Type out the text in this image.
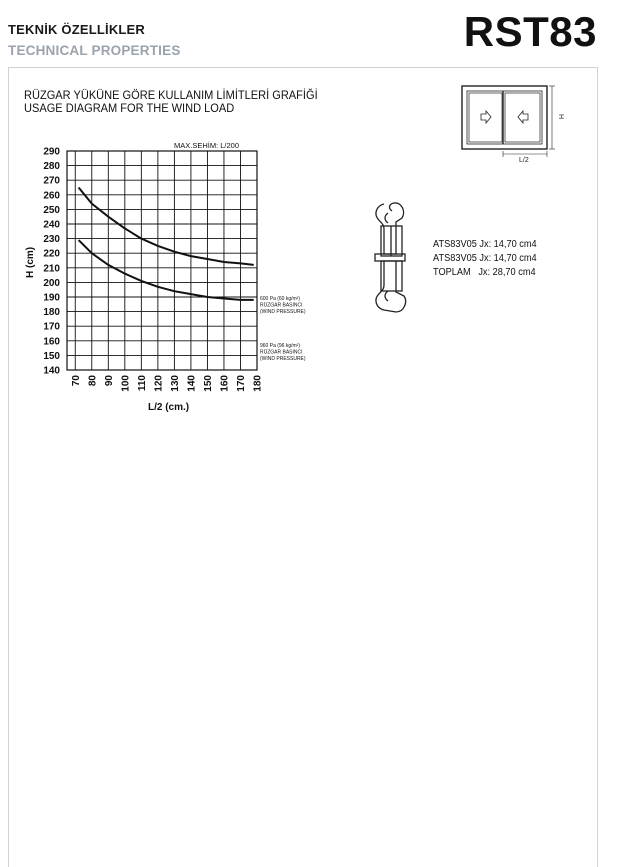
TEKNİK ÖZELLİKLER
TECHNICAL PROPERTIES	RST83
RÜZGAR YÜKÜNE GÖRE KULLANIM LİMİTLERİ GRAFİĞİ
USAGE DIAGRAM FOR THE WIND LOAD
140
150
160
170
180
190
200
210
220
230
240
250
260
270
280
290
70 80 90 100 110 120 130 140 150 160 170 180
600 Pa (60 kg/m²)
RÜZGAR BASINCI
(WIND PRESSURE)
960 Pa (96 kg/m²)
RÜZGAR BASINCI
(WIND PRESSURE)
MAX.SEHİM: L/200
L/2 (cm.)
H (cm)
H
L/2
ATS83V05 Jx: 14,70 cm4
ATS83V05 Jx: 14,70 cm4
TOPLAM   Jx: 28,70 cm4
